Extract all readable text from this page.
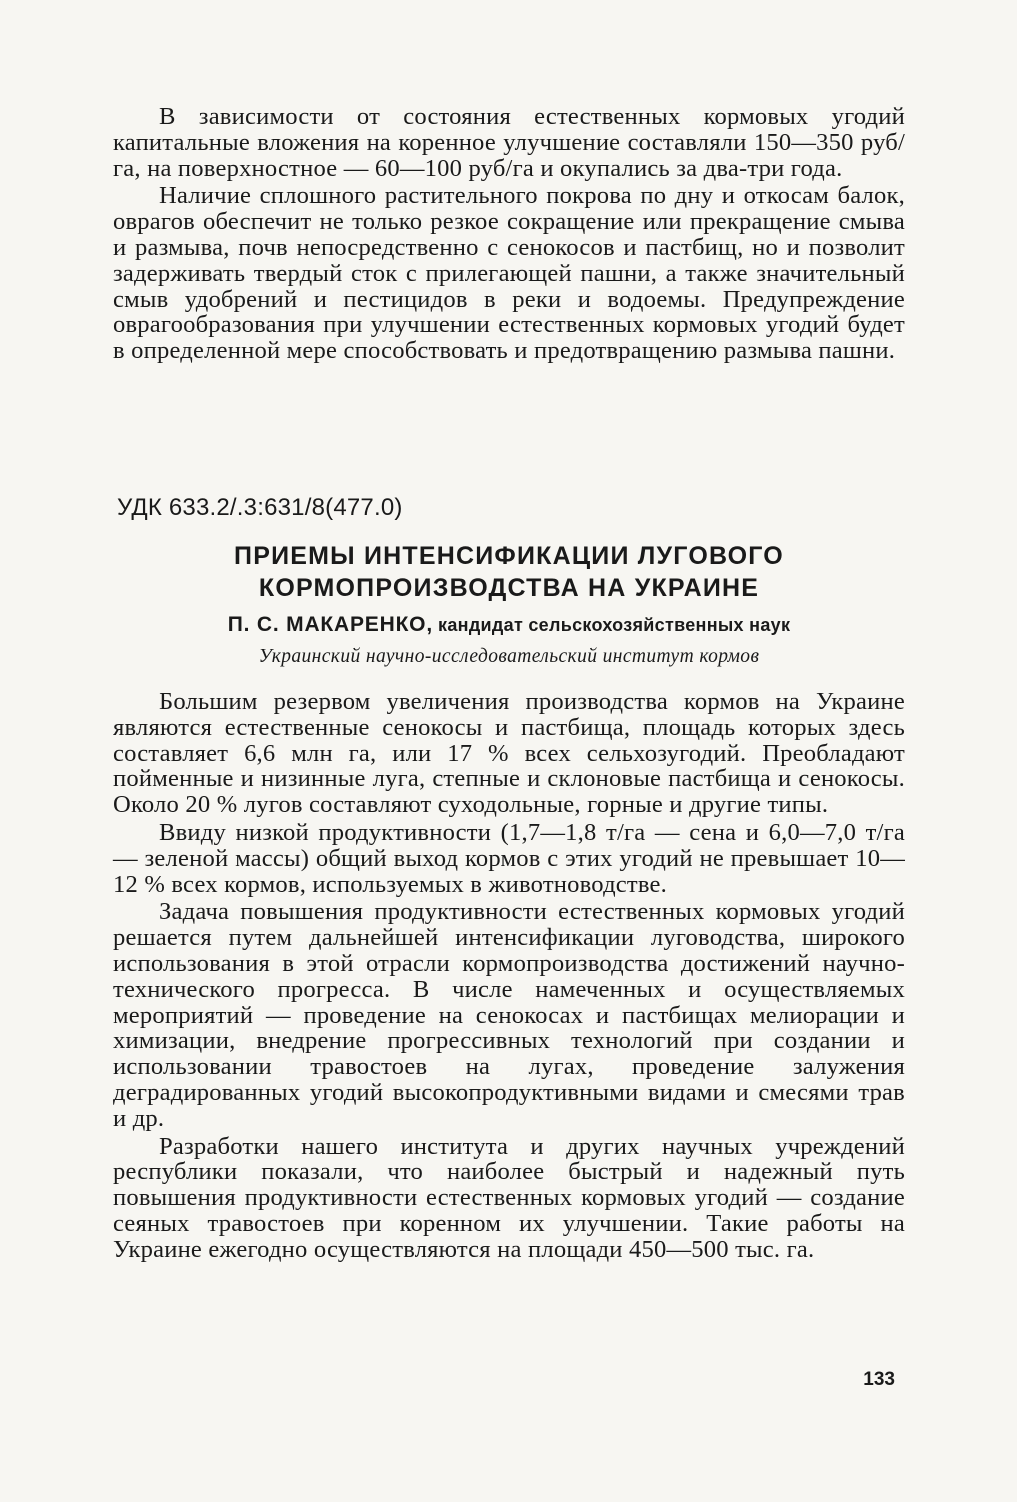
В зависимости от состояния естественных кормовых угодий капитальные вложения на коренное улучшение составляли 150—350 руб/га, на поверхностное — 60—100 руб/га и окупались за два-три года.

Наличие сплошного растительного покрова по дну и откосам балок, оврагов обеспечит не только резкое сокращение или прекращение смыва и размыва, почв непосредственно с сенокосов и пастбищ, но и позволит задерживать твердый сток с прилегающей пашни, а также значительный смыв удобрений и пестицидов в реки и водоемы. Предупреждение оврагообразования при улучшении естественных кормовых угодий будет в определенной мере способствовать и предотвращению размыва пашни.

УДК 633.2/.3:631/8(477.0)
ПРИЕМЫ ИНТЕНСИФИКАЦИИ ЛУГОВОГО
КОРМОПРОИЗВОДСТВА НА УКРАИНЕ
П. С. МАКАРЕНКО, кандидат сельскохозяйственных наук
Украинский научно-исследовательский институт кормов

Большим резервом увеличения производства кормов на Украине являются естественные сенокосы и пастбища, площадь которых здесь составляет 6,6 млн га, или 17 % всех сельхозугодий. Преобладают пойменные и низинные луга, степные и склоновые пастбища и сенокосы. Около 20 % лугов составляют суходольные, горные и другие типы.

Ввиду низкой продуктивности (1,7—1,8 т/га — сена и 6,0—7,0 т/га — зеленой массы) общий выход кормов с этих угодий не превышает 10—12 % всех кормов, используемых в животноводстве.

Задача повышения продуктивности естественных кормовых угодий решается путем дальнейшей интенсификации луговодства, широкого использования в этой отрасли кормопроизводства достижений научно-технического прогресса. В числе намеченных и осуществляемых мероприятий — проведение на сенокосах и пастбищах мелиорации и химизации, внедрение прогрессивных технологий при создании и использовании травостоев на лугах, проведение залужения деградированных угодий высокопродуктивными видами и смесями трав и др.

Разработки нашего института и других научных учреждений республики показали, что наиболее быстрый и надежный путь повышения продуктивности естественных кормовых угодий — создание сеяных травостоев при коренном их улучшении. Такие работы на Украине ежегодно осуществляются на площади 450—500 тыс. га.

133
